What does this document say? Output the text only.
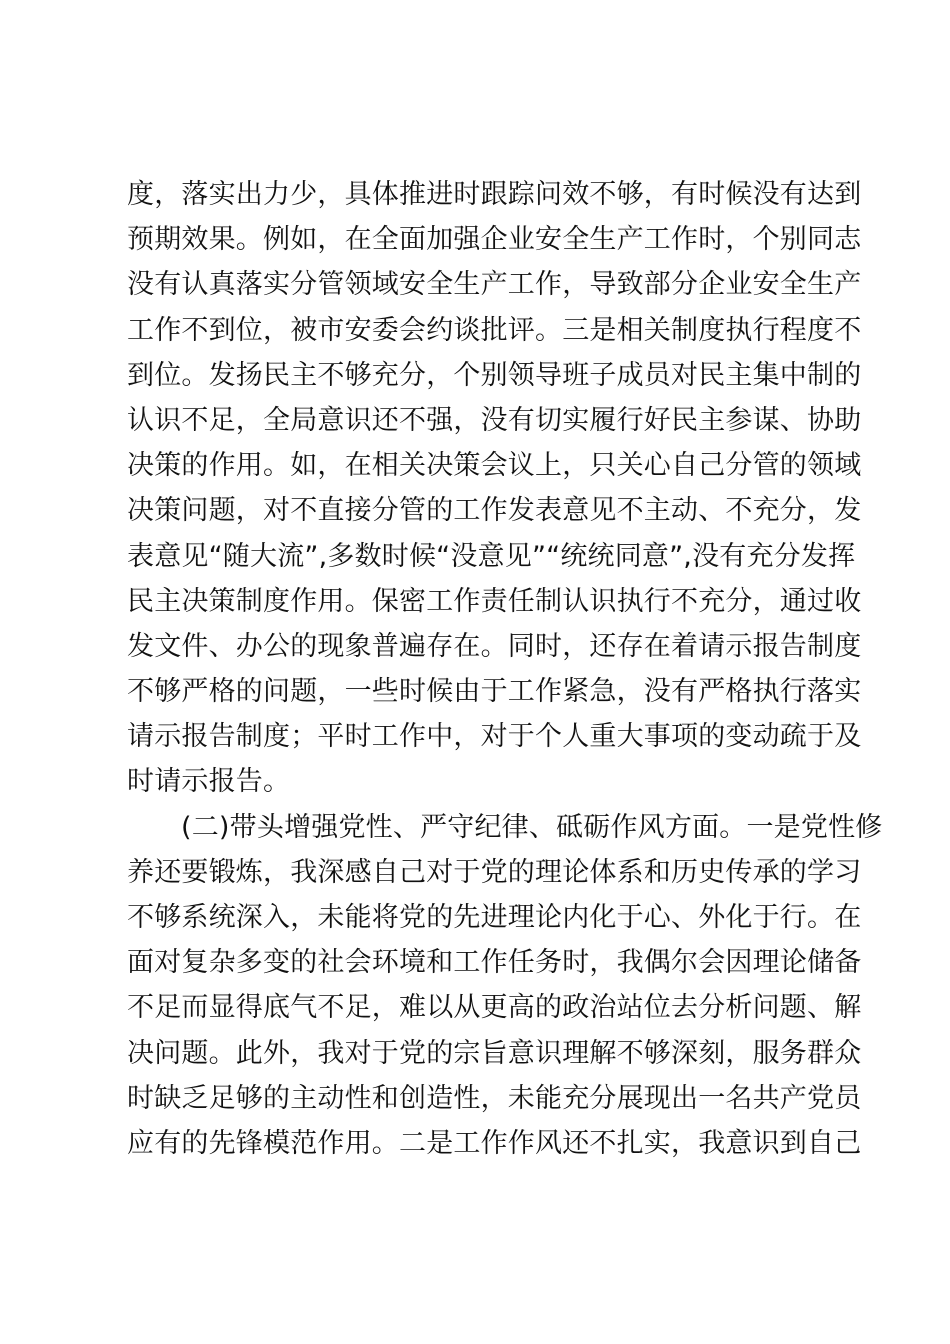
度，落实出力少，具体推进时跟踪问效不够，有时候没有达到
预期效果。例如，在全面加强企业安全生产工作时，个别同志
没有认真落实分管领域安全生产工作，导致部分企业安全生产
工作不到位，被市安委会约谈批评。三是相关制度执行程度不
到位。发扬民主不够充分，个别领导班子成员对民主集中制的
认识不足，全局意识还不强，没有切实履行好民主参谋、协助
决策的作用。如，在相关决策会议上，只关心自己分管的领域
决策问题，对不直接分管的工作发表意见不主动、不充分，发
表意见“随大流”,多数时候“没意见”“统统同意”,没有充分发挥
民主决策制度作用。保密工作责任制认识执行不充分，通过收
发文件、办公的现象普遍存在。同时，还存在着请示报告制度
不够严格的问题，一些时候由于工作紧急，没有严格执行落实
请示报告制度；平时工作中，对于个人重大事项的变动疏于及
时请示报告。
(二)带头增强党性、严守纪律、砥砺作风方面。一是党性修
养还要锻炼，我深感自己对于党的理论体系和历史传承的学习
不够系统深入，未能将党的先进理论内化于心、外化于行。在
面对复杂多变的社会环境和工作任务时，我偶尔会因理论储备
不足而显得底气不足，难以从更高的政治站位去分析问题、解
决问题。此外，我对于党的宗旨意识理解不够深刻，服务群众
时缺乏足够的主动性和创造性，未能充分展现出一名共产党员
应有的先锋模范作用。二是工作作风还不扎实，我意识到自己
